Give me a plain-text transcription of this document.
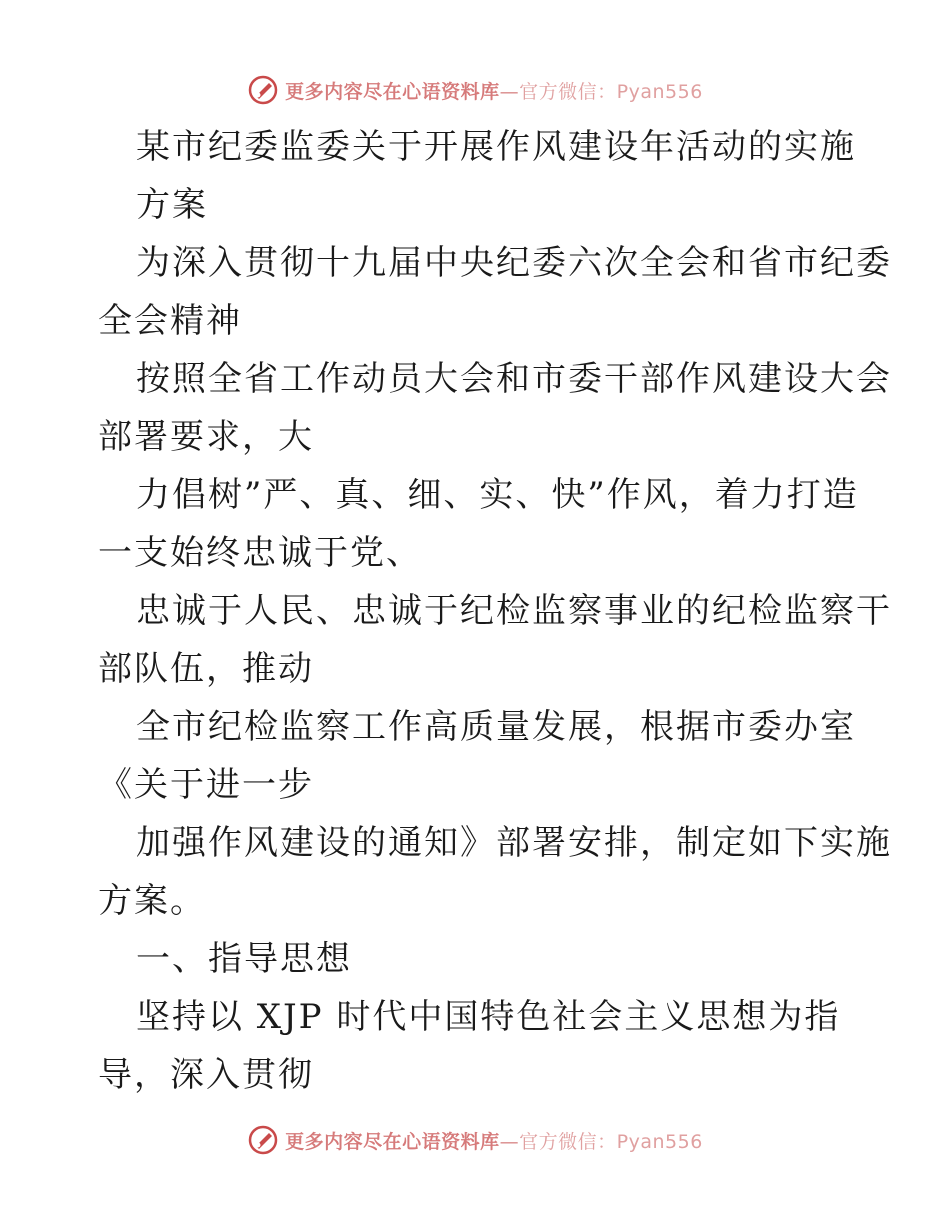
更多内容尽在心语资料库—官方微信：Pyan556
某市纪委监委关于开展作风建设年活动的实施
方案
为深入贯彻十九届中央纪委六次全会和省市纪委
全会精神
按照全省工作动员大会和市委干部作风建设大会
部署要求，大
力倡树”严、真、细、实、快”作风，着力打造
一支始终忠诚于党、
忠诚于人民、忠诚于纪检监察事业的纪检监察干
部队伍，推动
全市纪检监察工作高质量发展，根据市委办室
《关于进一步
加强作风建设的通知》部署安排，制定如下实施
方案。
一、指导思想
坚持以 XJP 时代中国特色社会主义思想为指
导，深入贯彻
更多内容尽在心语资料库—官方微信：Pyan556
